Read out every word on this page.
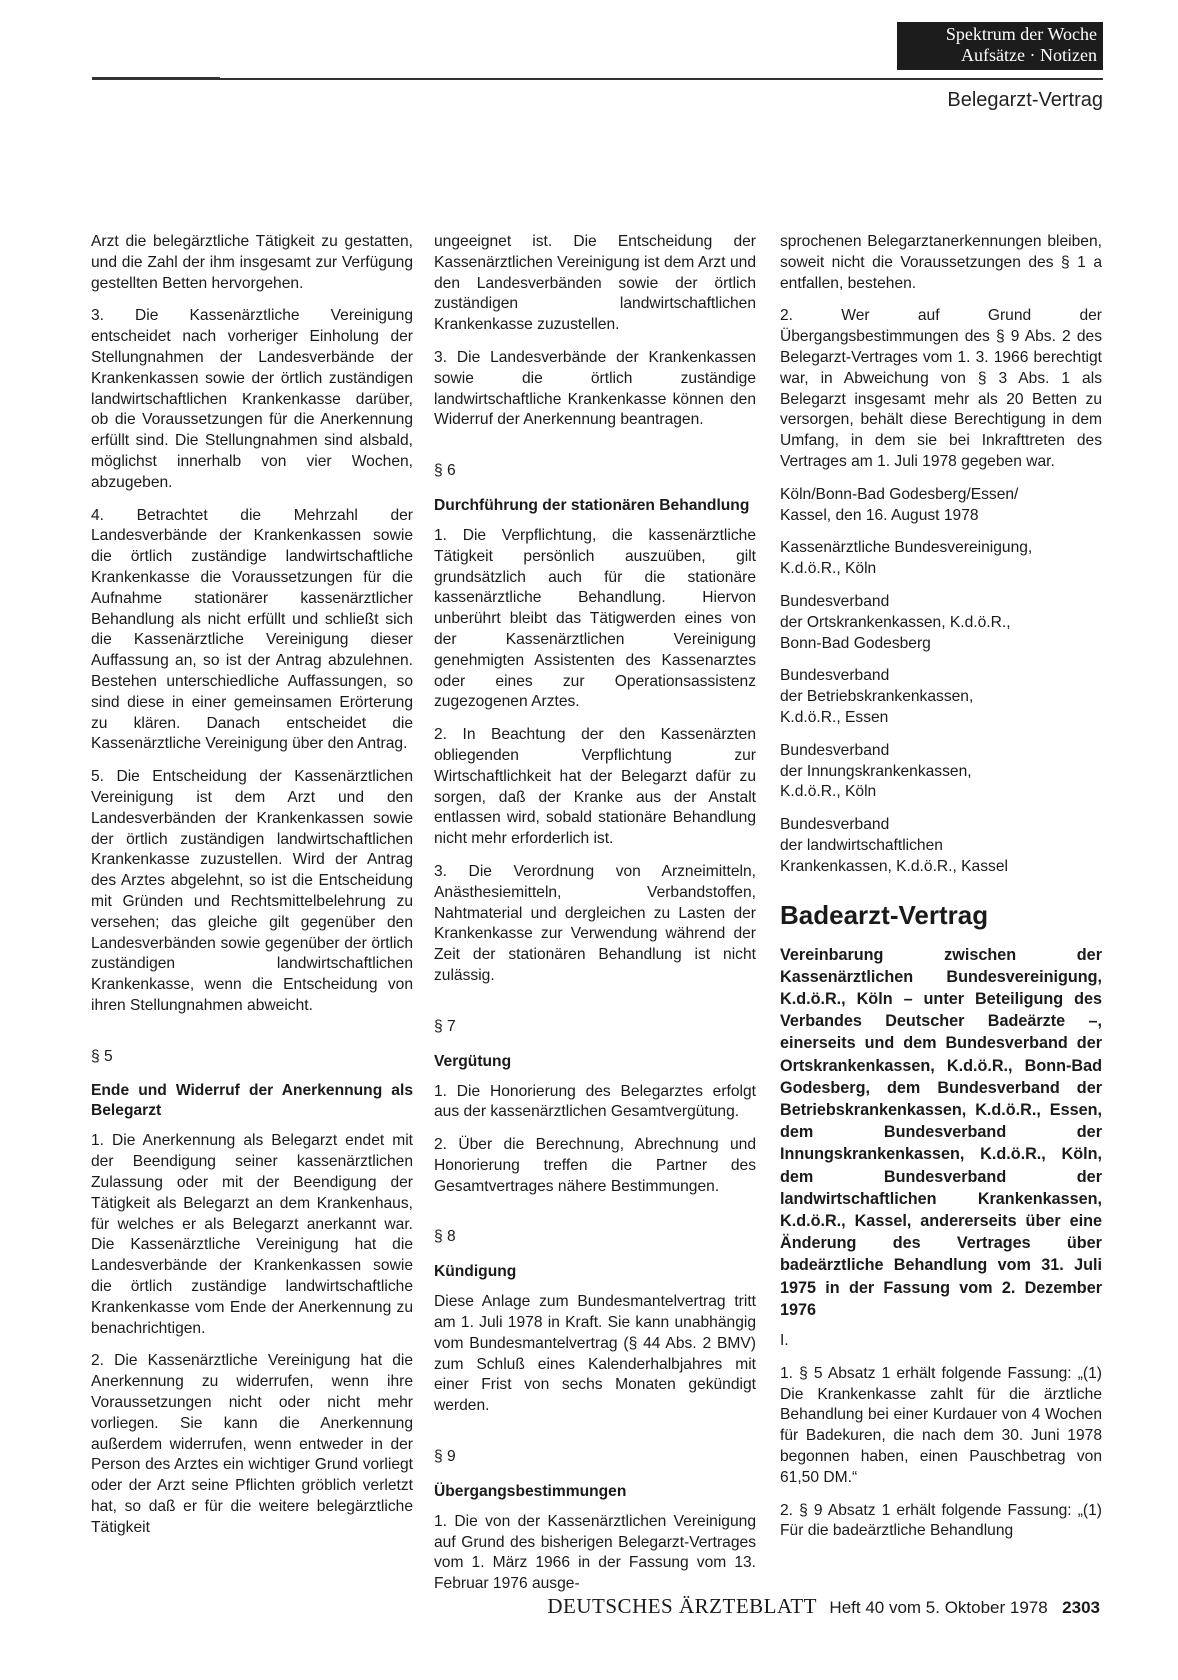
Spektrum der Woche
Aufsätze · Notizen
Belegarzt-Vertrag

Arzt die belegärztliche Tätigkeit zu gestatten, und die Zahl der ihm insgesamt zur Verfügung gestellten Betten hervorgehen.

3. Die Kassenärztliche Vereinigung entscheidet nach vorheriger Einholung der Stellungnahmen der Landesverbände der Krankenkassen sowie der örtlich zuständigen landwirtschaftlichen Krankenkasse darüber, ob die Voraussetzungen für die Anerkennung erfüllt sind. Die Stellungnahmen sind alsbald, möglichst innerhalb von vier Wochen, abzugeben.

4. Betrachtet die Mehrzahl der Landesverbände der Krankenkassen sowie die örtlich zuständige landwirtschaftliche Krankenkasse die Voraussetzungen für die Aufnahme stationärer kassenärztlicher Behandlung als nicht erfüllt und schließt sich die Kassenärztliche Vereinigung dieser Auffassung an, so ist der Antrag abzulehnen. Bestehen unterschiedliche Auffassungen, so sind diese in einer gemeinsamen Erörterung zu klären. Danach entscheidet die Kassenärztliche Vereinigung über den Antrag.

5. Die Entscheidung der Kassenärztlichen Vereinigung ist dem Arzt und den Landesverbänden der Krankenkassen sowie der örtlich zuständigen landwirtschaftlichen Krankenkasse zuzustellen. Wird der Antrag des Arztes abgelehnt, so ist die Entscheidung mit Gründen und Rechtsmittelbelehrung zu versehen; das gleiche gilt gegenüber den Landesverbänden sowie gegenüber der örtlich zuständigen landwirtschaftlichen Krankenkasse, wenn die Entscheidung von ihren Stellungnahmen abweicht.

§ 5

Ende und Widerruf der Anerkennung als Belegarzt

1. Die Anerkennung als Belegarzt endet mit der Beendigung seiner kassenärztlichen Zulassung oder mit der Beendigung der Tätigkeit als Belegarzt an dem Krankenhaus, für welches er als Belegarzt anerkannt war. Die Kassenärztliche Vereinigung hat die Landesverbände der Krankenkassen sowie die örtlich zuständige landwirtschaftliche Krankenkasse vom Ende der Anerkennung zu benachrichtigen.

2. Die Kassenärztliche Vereinigung hat die Anerkennung zu widerrufen, wenn ihre Voraussetzungen nicht oder nicht mehr vorliegen. Sie kann die Anerkennung außerdem widerrufen, wenn entweder in der Person des Arztes ein wichtiger Grund vorliegt oder der Arzt seine Pflichten gröblich verletzt hat, so daß er für die weitere belegärztliche Tätigkeit

ungeeignet ist. Die Entscheidung der Kassenärztlichen Vereinigung ist dem Arzt und den Landesverbänden sowie der örtlich zuständigen landwirtschaftlichen Krankenkasse zuzustellen.

3. Die Landesverbände der Krankenkassen sowie die örtlich zuständige landwirtschaftliche Krankenkasse können den Widerruf der Anerkennung beantragen.

§ 6

Durchführung der stationären Behandlung

1. Die Verpflichtung, die kassenärztliche Tätigkeit persönlich auszuüben, gilt grundsätzlich auch für die stationäre kassenärztliche Behandlung. Hiervon unberührt bleibt das Tätigwerden eines von der Kassenärztlichen Vereinigung genehmigten Assistenten des Kassenarztes oder eines zur Operationsassistenz zugezogenen Arztes.

2. In Beachtung der den Kassenärzten obliegenden Verpflichtung zur Wirtschaftlichkeit hat der Belegarzt dafür zu sorgen, daß der Kranke aus der Anstalt entlassen wird, sobald stationäre Behandlung nicht mehr erforderlich ist.

3. Die Verordnung von Arzneimitteln, Anästhesiemitteln, Verbandstoffen, Nahtmaterial und dergleichen zu Lasten der Krankenkasse zur Verwendung während der Zeit der stationären Behandlung ist nicht zulässig.

§ 7

Vergütung

1. Die Honorierung des Belegarztes erfolgt aus der kassenärztlichen Gesamtvergütung.

2. Über die Berechnung, Abrechnung und Honorierung treffen die Partner des Gesamtvertrages nähere Bestimmungen.

§ 8

Kündigung

Diese Anlage zum Bundesmantelvertrag tritt am 1. Juli 1978 in Kraft. Sie kann unabhängig vom Bundesmantelvertrag (§ 44 Abs. 2 BMV) zum Schluß eines Kalenderhalbjahres mit einer Frist von sechs Monaten gekündigt werden.

§ 9

Übergangsbestimmungen

1. Die von der Kassenärztlichen Vereinigung auf Grund des bisherigen Belegarzt-Vertrages vom 1. März 1966 in der Fassung vom 13. Februar 1976 ausge-

sprochenen Belegarztanerkennungen bleiben, soweit nicht die Voraussetzungen des § 1 a entfallen, bestehen.

2. Wer auf Grund der Übergangsbestimmungen des § 9 Abs. 2 des Belegarzt-Vertrages vom 1. 3. 1966 berechtigt war, in Abweichung von § 3 Abs. 1 als Belegarzt insgesamt mehr als 20 Betten zu versorgen, behält diese Berechtigung in dem Umfang, in dem sie bei Inkrafttreten des Vertrages am 1. Juli 1978 gegeben war.

Köln/Bonn-Bad Godesberg/Essen/
Kassel, den 16. August 1978

Kassenärztliche Bundesvereinigung,
K.d.ö.R., Köln

Bundesverband
der Ortskrankenkassen, K.d.ö.R.,
Bonn-Bad Godesberg

Bundesverband
der Betriebskrankenkassen,
K.d.ö.R., Essen

Bundesverband
der Innungskrankenkassen,
K.d.ö.R., Köln

Bundesverband
der landwirtschaftlichen
Krankenkassen, K.d.ö.R., Kassel

Badearzt-Vertrag

Vereinbarung zwischen der Kassenärztlichen Bundesvereinigung, K.d.ö.R., Köln – unter Beteiligung des Verbandes Deutscher Badeärzte –, einerseits und dem Bundesverband der Ortskrankenkassen, K.d.ö.R., Bonn-Bad Godesberg, dem Bundesverband der Betriebskrankenkassen, K.d.ö.R., Essen, dem Bundesverband der Innungskrankenkassen, K.d.ö.R., Köln, dem Bundesverband der landwirtschaftlichen Krankenkassen, K.d.ö.R., Kassel, andererseits über eine Änderung des Vertrages über badeärztliche Behandlung vom 31. Juli 1975 in der Fassung vom 2. Dezember 1976

I.

1. § 5 Absatz 1 erhält folgende Fassung: „(1) Die Krankenkasse zahlt für die ärztliche Behandlung bei einer Kurdauer von 4 Wochen für Badekuren, die nach dem 30. Juni 1978 begonnen haben, einen Pauschbetrag von 61,50 DM.“

2. § 9 Absatz 1 erhält folgende Fassung: „(1) Für die badeärztliche Behandlung

DEUTSCHES ÄRZTEBLATT Heft 40 vom 5. Oktober 1978 2303
